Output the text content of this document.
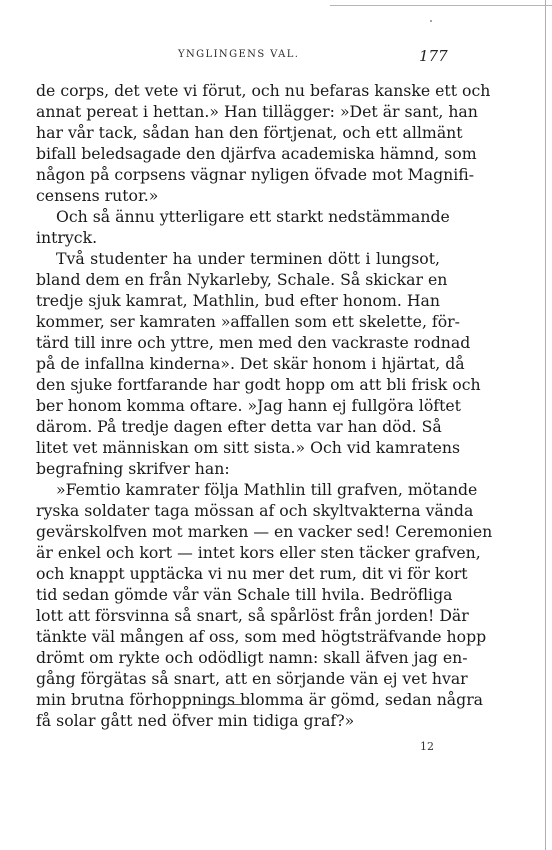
YNGLINGENS VAL.	177
de corps, det vete vi förut, och nu befaras kanske ett och
annat pereat i hettan.» Han tillägger: »Det är sant, han
har vår tack, sådan han den förtjenat, och ett allmänt
bifall beledsagade den djärfva academiska hämnd, som
någon på corpsens vägnar nyligen öfvade mot Magnifi-
censens rutor.»
Och så ännu ytterligare ett starkt nedstämmande
intryck.
Två studenter ha under terminen dött i lungsot,
bland dem en från Nykarleby, Schale. Så skickar en
tredje sjuk kamrat, Mathlin, bud efter honom. Han
kommer, ser kamraten »affallen som ett skelette, för-
tärd till inre och yttre, men med den vackraste rodnad
på de infallna kinderna». Det skär honom i hjärtat, då
den sjuke fortfarande har godt hopp om att bli frisk och
ber honom komma oftare. »Jag hann ej fullgöra löftet
därom. På tredje dagen efter detta var han död. Så
litet vet människan om sitt sista.» Och vid kamratens
begrafning skrifver han:
»Femtio kamrater följa Mathlin till grafven, mötande
ryska soldater taga mössan af och skyltvakterna vända
gevärskolfven mot marken — en vacker sed! Ceremonien
är enkel och kort — intet kors eller sten täcker grafven,
och knappt upptäcka vi nu mer det rum, dit vi för kort
tid sedan gömde vår vän Schale till hvila. Bedröfliga
lott att försvinna så snart, så spårlöst från jorden! Där
tänkte väl mången af oss, som med högtsträfvande hopp
drömt om rykte och odödligt namn: skall äfven jag en-
gång förgätas så snart, att en sörjande vän ej vet hvar
min brutna förhoppnings blomma är gömd, sedan några
få solar gått ned öfver min tidiga graf?»
12
